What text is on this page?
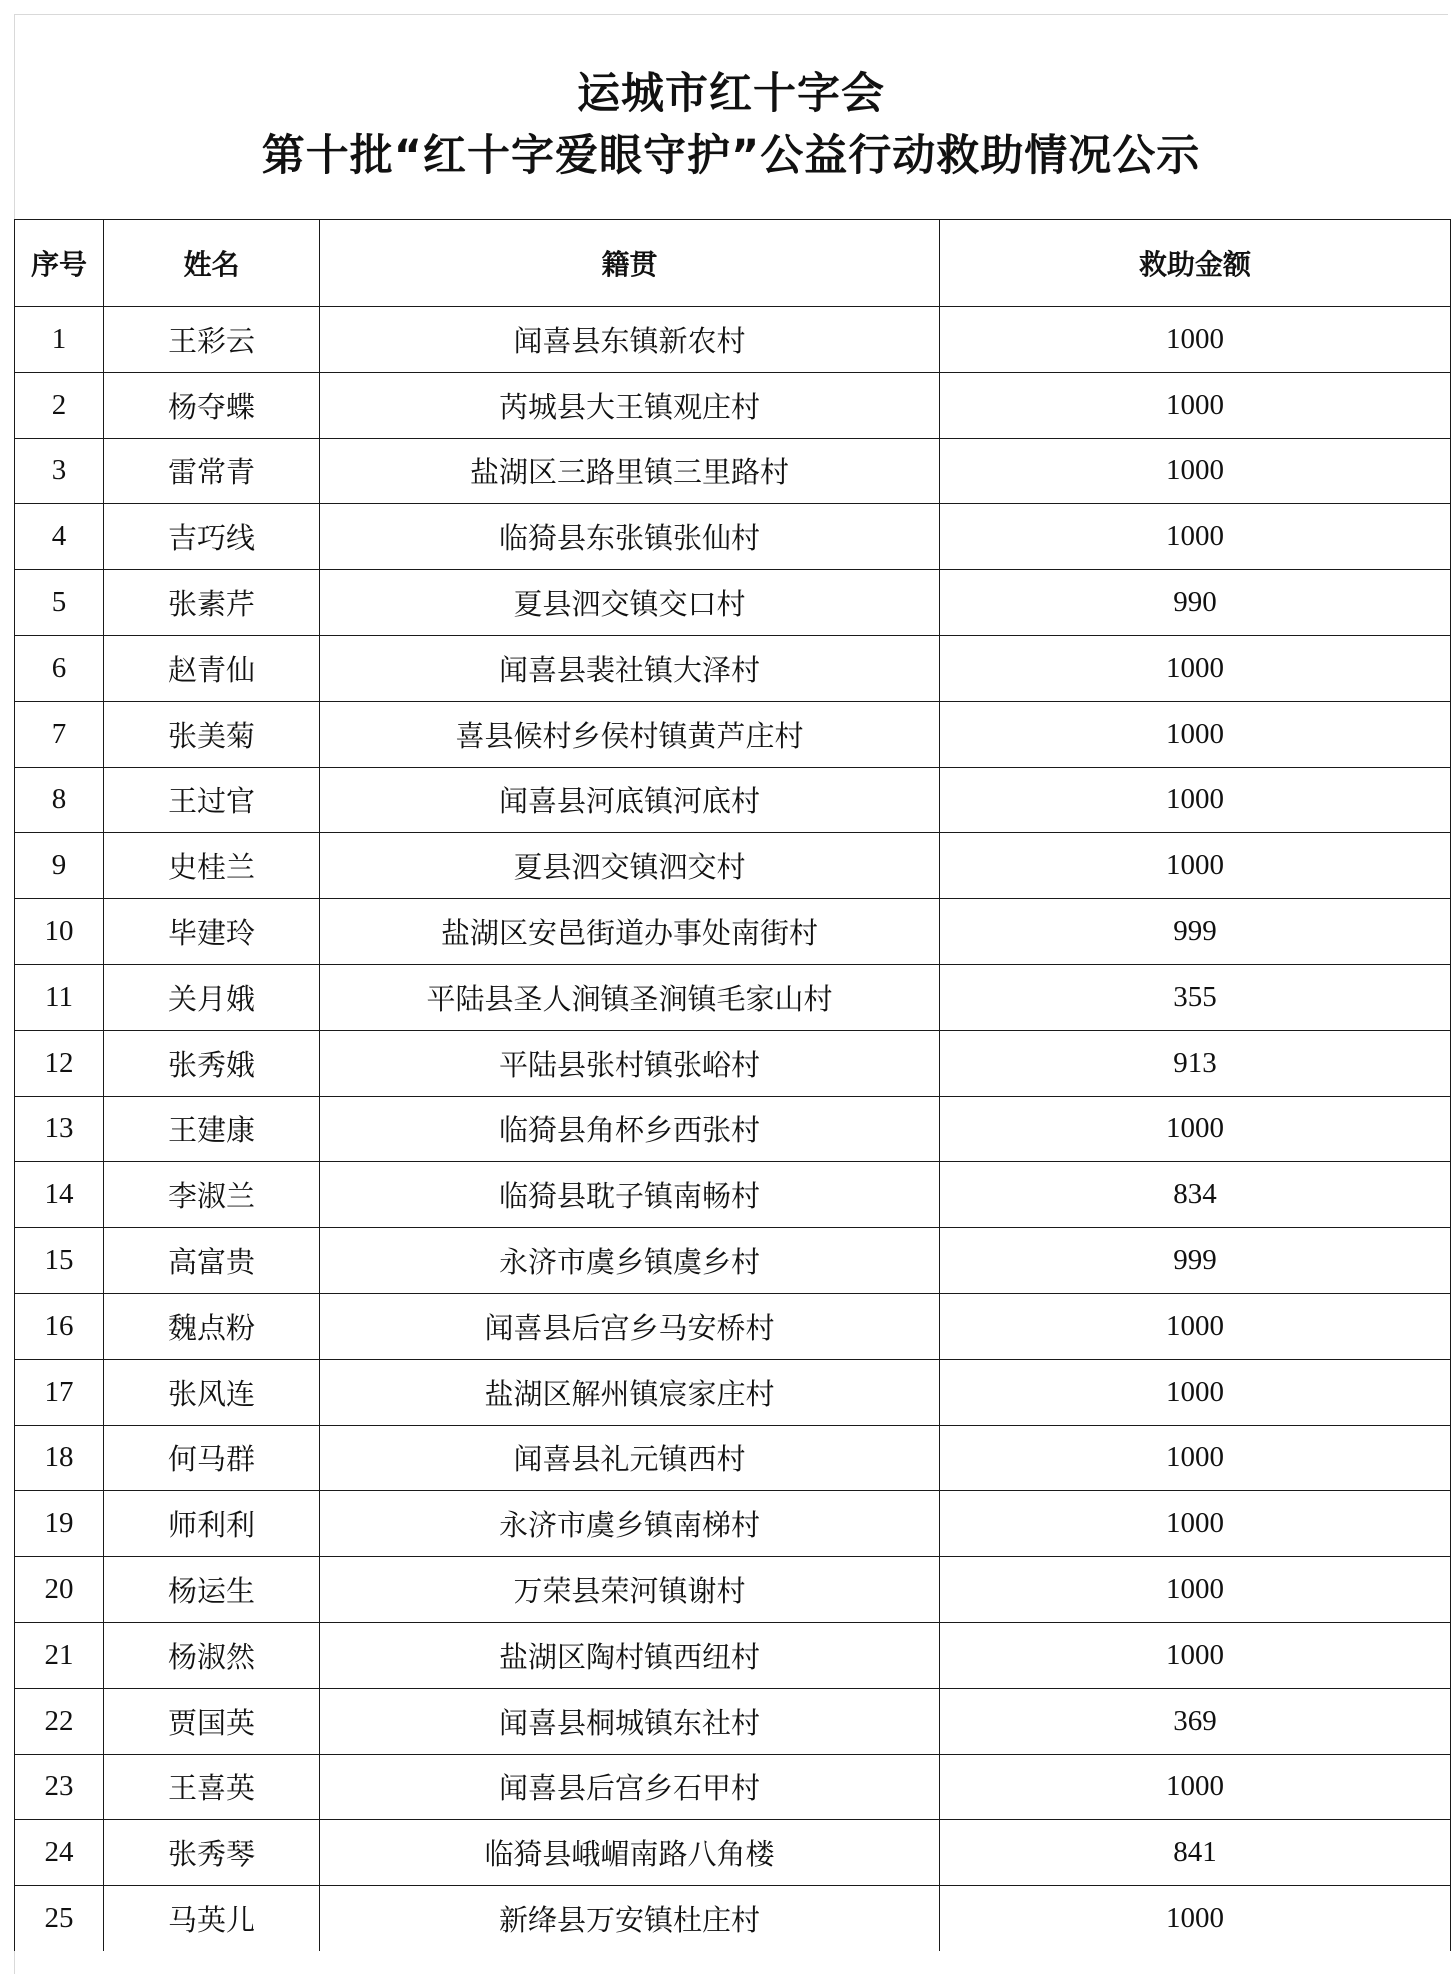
运城市红十字会
第十批“红十字爱眼守护”公益行动救助情况公示
序号	姓名	籍贯	救助金额
1	王彩云	闻喜县东镇新农村	1000
2	杨夺蝶	芮城县大王镇观庄村	1000
3	雷常青	盐湖区三路里镇三里路村	1000
4	吉巧线	临猗县东张镇张仙村	1000
5	张素芹	夏县泗交镇交口村	990
6	赵青仙	闻喜县裴社镇大泽村	1000
7	张美菊	喜县候村乡侯村镇黄芦庄村	1000
8	王过官	闻喜县河底镇河底村	1000
9	史桂兰	夏县泗交镇泗交村	1000
10	毕建玲	盐湖区安邑街道办事处南街村	999
11	关月娥	平陆县圣人涧镇圣涧镇毛家山村	355
12	张秀娥	平陆县张村镇张峪村	913
13	王建康	临猗县角杯乡西张村	1000
14	李淑兰	临猗县耽子镇南畅村	834
15	高富贵	永济市虞乡镇虞乡村	999
16	魏点粉	闻喜县后宫乡马安桥村	1000
17	张风连	盐湖区解州镇宸家庄村	1000
18	何马群	闻喜县礼元镇西村	1000
19	师利利	永济市虞乡镇南梯村	1000
20	杨运生	万荣县荣河镇谢村	1000
21	杨淑然	盐湖区陶村镇西纽村	1000
22	贾国英	闻喜县桐城镇东社村	369
23	王喜英	闻喜县后宫乡石甲村	1000
24	张秀琴	临猗县峨嵋南路八角楼	841
25	马英儿	新绛县万安镇杜庄村	1000
